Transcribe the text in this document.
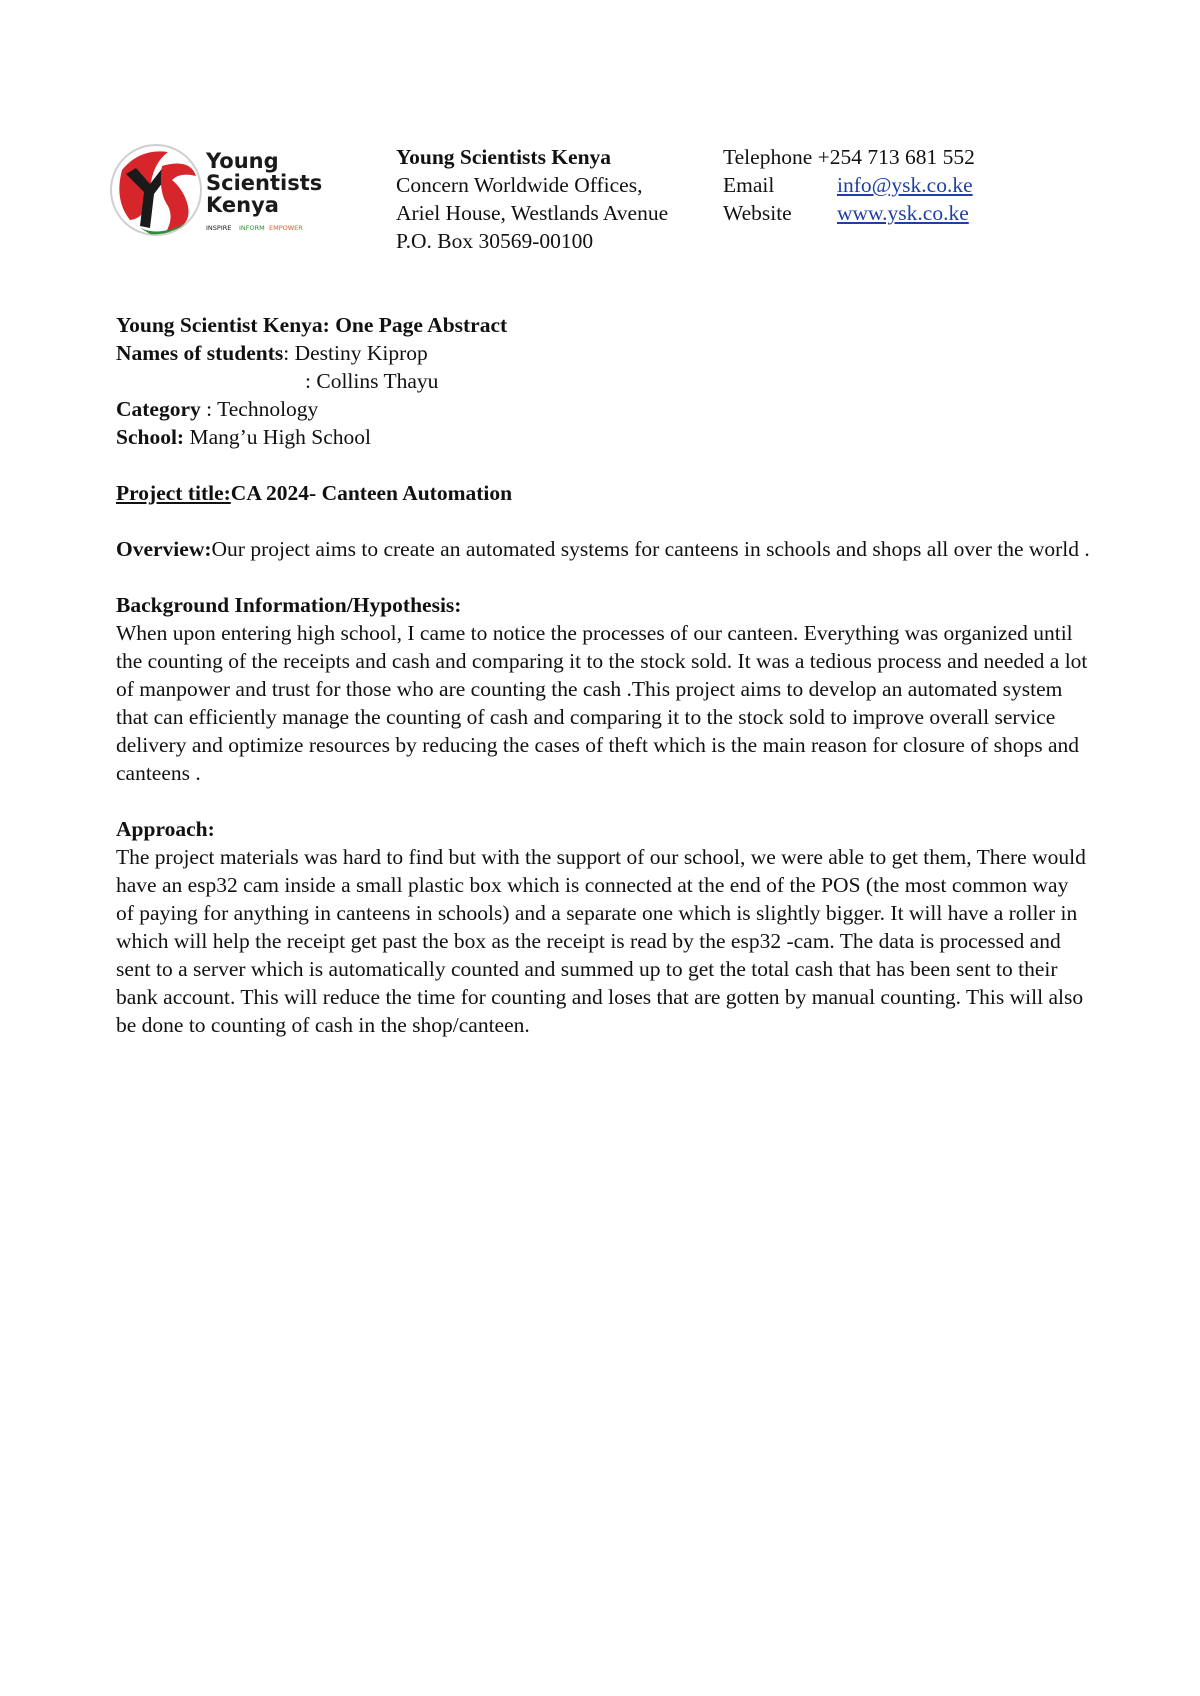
Young
Scientists
Kenya
INSPIRE INFORM EMPOWER
Young Scientists Kenya
Concern Worldwide Offices,
Ariel House, Westlands Avenue
P.O. Box 30569-00100
Telephone
+254 713 681 552
Email	info@ysk.co.ke
Website	www.ysk.co.ke

Young Scientist Kenya: One Page Abstract

Names of students: Destiny Kiprop

: Collins Thayu

Category : Technology

School: Mang’u High School

Project title:CA 2024- Canteen Automation

Overview:Our project aims to create an automated systems for canteens in schools and shops all over the world .

Background Information/Hypothesis:

When upon entering high school, I came to notice the processes of our canteen. Everything was organized until the counting of the receipts and cash and comparing it to the stock sold. It was a tedious process and needed a lot of manpower and trust for those who are counting the cash .This project aims to develop an automated system that can efficiently manage the counting of cash and comparing it to the stock sold to improve overall service delivery and optimize resources by reducing the cases of theft which is the main reason for closure of shops and canteens .

Approach:

The project materials was hard to find but with the support of our school, we were able to get them, There would have an esp32 cam inside a small plastic box which is connected at the end of the POS (the most common way of paying for anything in canteens in schools) and a separate one which is slightly bigger. It will have a roller in which will help the receipt get past the box as the receipt is read by the esp32 -cam. The data is processed and sent to a server which is automatically counted and summed up to get the total cash that has been sent to their bank account. This will reduce the time for counting and loses that are gotten by manual counting. This will also be done to counting of cash in the shop/canteen.
